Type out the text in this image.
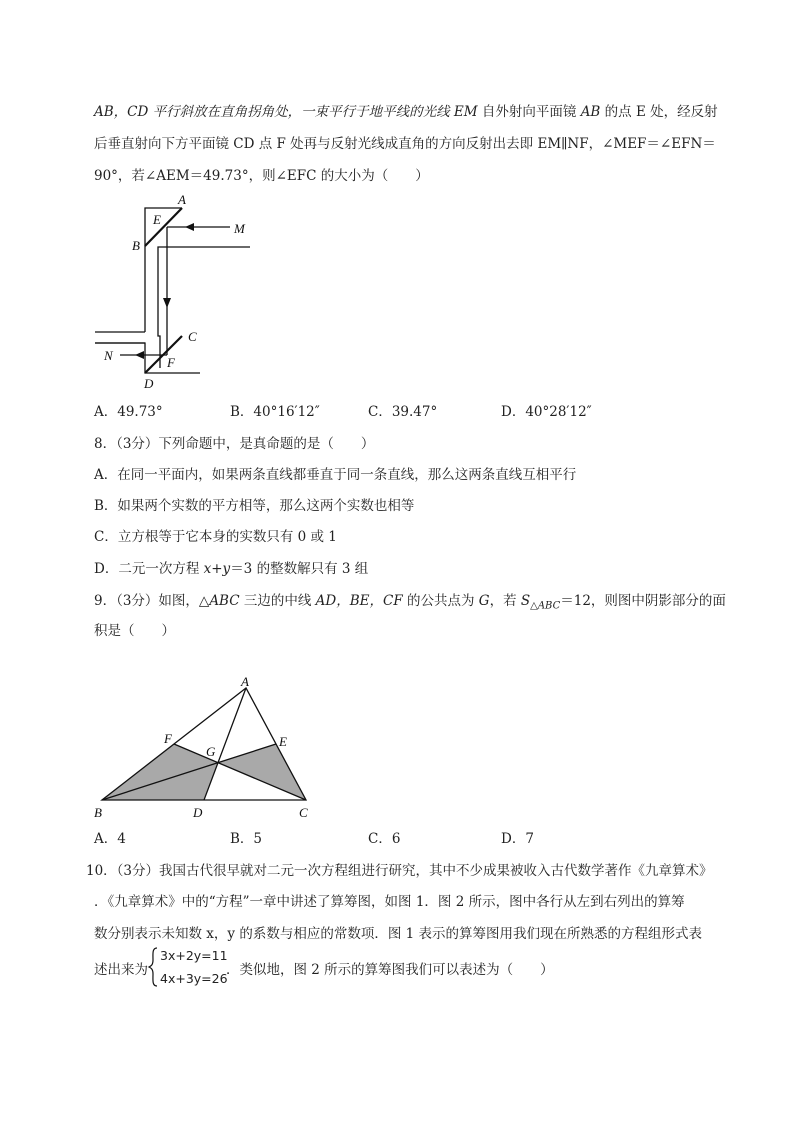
AB，CD 平行斜放在直角拐角处，一束平行于地平线的光线 EM 自外射向平面镜 AB 的点 E 处，经反射
后垂直射向下方平面镜 CD 点 F 处再与反射光线成直角的方向反射出去即 EM∥NF，∠MEF＝∠EFN＝
90°，若∠AEM＝49.73°，则∠EFC 的大小为（　　）
A
E
B
M
C
N	F
D
A．49.73°	B．40°16′12″	C．39.47°	D．40°28′12″
8．（3分）下列命题中，是真命题的是（　　）
A．在同一平面内，如果两条直线都垂直于同一条直线，那么这两条直线互相平行
B．如果两个实数的平方相等，那么这两个实数也相等
C．立方根等于它本身的实数只有 0 或 1
D．二元一次方程 x+y＝3 的整数解只有 3 组
9．（3分）如图，△ABC 三边的中线 AD，BE，CF 的公共点为 G，若 $S_{\triangle ABC}=12$，则图中阴影部分的面
积是（　　）
A
F
G
E
B	D	C
A．4	B．5	C．6	D．7
10．（3分）我国古代很早就对二元一次方程组进行研究，其中不少成果被收入古代数学著作《九章算术》
．《九章算术》中的“方程”一章中讲述了算筹图，如图 1．图 2 所示，图中各行从左到右列出的算筹
数分别表示未知数 x，y 的系数与相应的常数项．图 1 表示的算筹图用我们现在所熟悉的方程组形式表
述出来为
3x+2y=11
4x+3y=26
．类似地，图 2 所示的算筹图我们可以表述为（　　）
